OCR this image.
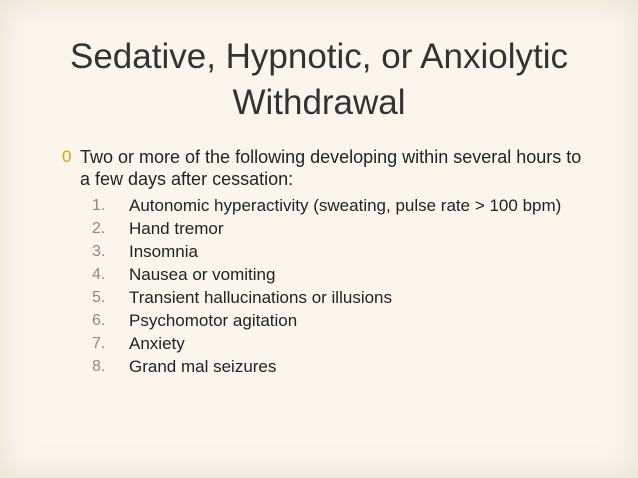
Sedative, Hypnotic, or Anxiolytic Withdrawal

0 Two or more of the following developing within several hours to a few days after cessation:

1.	Autonomic hyperactivity (sweating, pulse rate > 100 bpm)
2.	Hand tremor
3.	Insomnia
4.	Nausea or vomiting
5.	Transient hallucinations or illusions
6.	Psychomotor agitation
7.	Anxiety
8.	Grand mal seizures
